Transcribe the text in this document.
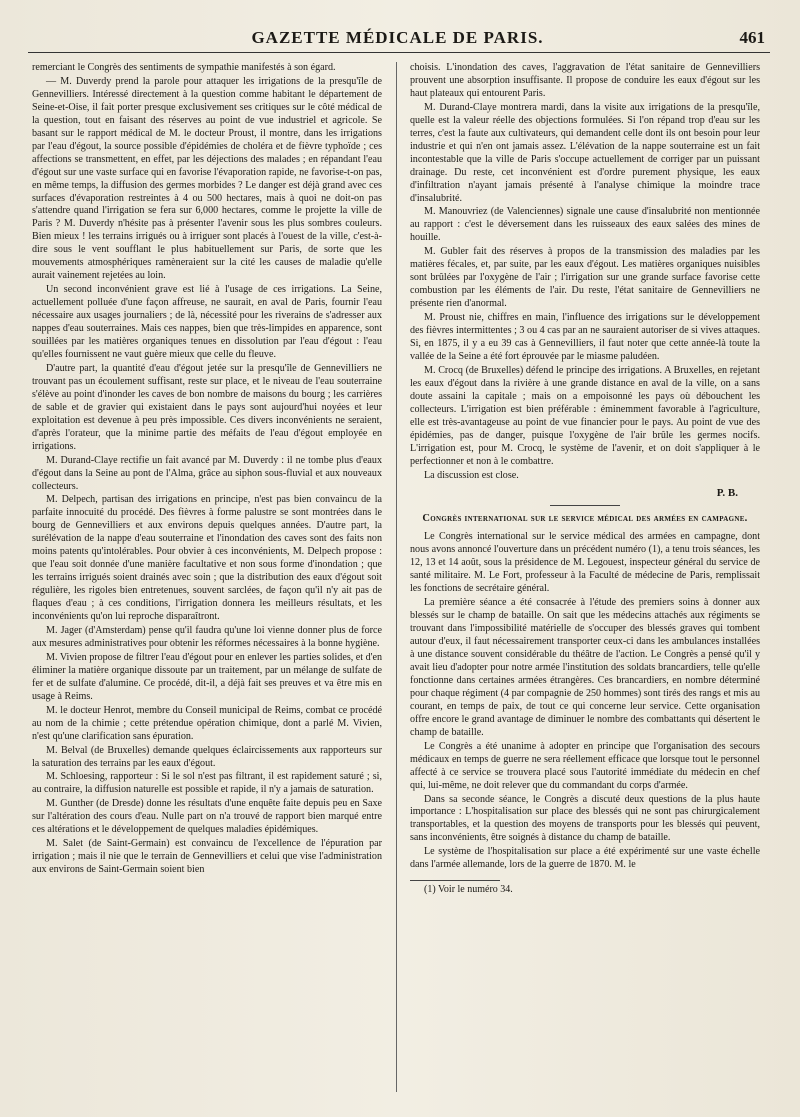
GAZETTE MÉDICALE DE PARIS.	461

remerciant le Congrès des sentiments de sympathie manifestés à son égard.

— M. Duverdy prend la parole pour attaquer les irrigations de la presqu'île de Gennevilliers. Intéressé directement à la question comme habitant le département de Seine-et-Oise, il fait porter presque exclusivement ses critiques sur le côté médical de la question, tout en faisant des réserves au point de vue industriel et agricole. Se basant sur le rapport médical de M. le docteur Proust, il montre, dans les irrigations par l'eau d'égout, la source possible d'épidémies de choléra et de fièvre typhoïde ; ces affections se transmettent, en effet, par les déjections des malades ; en répandant l'eau d'égout sur une vaste surface qui en favorise l'évaporation rapide, ne favorise-t-on pas, en même temps, la diffusion des germes morbides ? Le danger est déjà grand avec ces surfaces d'évaporation restreintes à 4 ou 500 hectares, mais à quoi ne doit-on pas s'attendre quand l'irrigation se fera sur 6,000 hectares, comme le projette la ville de Paris ? M. Duverdy n'hésite pas à présenter l'avenir sous les plus sombres couleurs. Bien mieux ! les terrains irrigués ou à irriguer sont placés à l'ouest de la ville, c'est-à-dire sous le vent soufflant le plus habituellement sur Paris, de sorte que les mouvements atmosphériques ramèneraient sur la cité les causes de maladie qu'elle aurait vainement rejetées au loin.

Un second inconvénient grave est lié à l'usage de ces irrigations. La Seine, actuellement polluée d'une façon affreuse, ne saurait, en aval de Paris, fournir l'eau nécessaire aux usages journaliers ; de là, nécessité pour les riverains de s'adresser aux nappes d'eau souterraines. Mais ces nappes, bien que très-limpides en apparence, sont souillées par les matières organiques tenues en dissolution par l'eau d'égout : l'eau qu'elles fournissent ne vaut guère mieux que celle du fleuve.

D'autre part, la quantité d'eau d'égout jetée sur la presqu'île de Gennevilliers ne trouvant pas un écoulement suffisant, reste sur place, et le niveau de l'eau souterraine s'élève au point d'inonder les caves de bon nombre de maisons du bourg ; les carrières de sable et de gravier qui existaient dans le pays sont aujourd'hui noyées et leur exploitation est devenue à peu près impossible. Ces divers inconvénients ne seraient, d'après l'orateur, que la minime partie des méfaits de l'eau d'égout employée en irrigations.

M. Durand-Claye rectifie un fait avancé par M. Duverdy : il ne tombe plus d'eaux d'égout dans la Seine au pont de l'Alma, grâce au siphon sous-fluvial et aux nouveaux collecteurs.

M. Delpech, partisan des irrigations en principe, n'est pas bien convaincu de la parfaite innocuité du procédé. Des fièvres à forme palustre se sont montrées dans le bourg de Gennevilliers et aux environs depuis quelques années. D'autre part, la surélévation de la nappe d'eau souterraine et l'inondation des caves sont des faits non moins patents qu'intolérables. Pour obvier à ces inconvénients, M. Delpech propose : que l'eau soit donnée d'une manière facultative et non sous forme d'inondation ; que les terrains irrigués soient drainés avec soin ; que la distribution des eaux d'égout soit régulière, les rigoles bien entretenues, souvent sarclées, de façon qu'il n'y ait pas de flaques d'eau ; à ces conditions, l'irrigation donnera les meilleurs résultats, et les inconvénients qu'on lui reproche disparaîtront.

M. Jager (d'Amsterdam) pense qu'il faudra qu'une loi vienne donner plus de force aux mesures administratives pour obtenir les réformes nécessaires à la bonne hygiène.

M. Vivien propose de filtrer l'eau d'égout pour en enlever les parties solides, et d'en éliminer la matière organique dissoute par un traitement, par un mélange de sulfate de fer et de sulfate d'alumine. Ce procédé, dit-il, a déjà fait ses preuves et va être mis en usage à Reims.

M. le docteur Henrot, membre du Conseil municipal de Reims, combat ce procédé au nom de la chimie ; cette prétendue opération chimique, dont a parlé M. Vivien, n'est qu'une clarification sans épuration.

M. Belval (de Bruxelles) demande quelques éclaircissements aux rapporteurs sur la saturation des terrains par les eaux d'égout.

M. Schloesing, rapporteur : Si le sol n'est pas filtrant, il est rapidement saturé ; si, au contraire, la diffusion naturelle est possible et rapide, il n'y a jamais de saturation.

M. Gunther (de Dresde) donne les résultats d'une enquête faite depuis peu en Saxe sur l'altération des cours d'eau. Nulle part on n'a trouvé de rapport bien marqué entre ces altérations et le développement de quelques maladies épidémiques.

M. Salet (de Saint-Germain) est convaincu de l'excellence de l'épuration par irrigation ; mais il nie que le terrain de Gennevilliers et celui que vise l'administration aux environs de Saint-Germain soient bien

choisis. L'inondation des caves, l'aggravation de l'état sanitaire de Gennevilliers prouvent une absorption insuffisante. Il propose de conduire les eaux d'égout sur les haut plateaux qui entourent Paris.

M. Durand-Claye montrera mardi, dans la visite aux irrigations de la presqu'île, quelle est la valeur réelle des objections formulées. Si l'on répand trop d'eau sur les terres, c'est la faute aux cultivateurs, qui demandent celle dont ils ont besoin pour leur industrie et qui n'en ont jamais assez. L'élévation de la nappe souterraine est un fait incontestable que la ville de Paris s'occupe actuellement de corriger par un puissant drainage. Du reste, cet inconvénient est d'ordre purement physique, les eaux d'infiltration n'ayant jamais présenté à l'analyse chimique la moindre trace d'insalubrité.

M. Manouvriez (de Valenciennes) signale une cause d'insalubrité non mentionnée au rapport : c'est le déversement dans les ruisseaux des eaux salées des mines de houille.

M. Gubler fait des réserves à propos de la transmission des maladies par les matières fécales, et, par suite, par les eaux d'égout. Les matières organiques nuisibles sont brûlées par l'oxygène de l'air ; l'irrigation sur une grande surface favorise cette combustion par les éléments de l'air. Du reste, l'état sanitaire de Gennevilliers ne présente rien d'anormal.

M. Proust nie, chiffres en main, l'influence des irrigations sur le développement des fièvres intermittentes ; 3 ou 4 cas par an ne sauraient autoriser de si vives attaques. Si, en 1875, il y a eu 39 cas à Gennevilliers, il faut noter que cette année-là toute la vallée de la Seine a été fort éprouvée par le miasme paludéen.

M. Crocq (de Bruxelles) défend le principe des irrigations. A Bruxelles, en rejetant les eaux d'égout dans la rivière à une grande distance en aval de la ville, on a sans doute assaini la capitale ; mais on a empoisonné les pays où débouchent les collecteurs. L'irrigation est bien préférable : éminemment favorable à l'agriculture, elle est très-avantageuse au point de vue financier pour le pays. Au point de vue des épidémies, pas de danger, puisque l'oxygène de l'air brûle les germes nocifs. L'irrigation est, pour M. Crocq, le système de l'avenir, et on doit s'appliquer à le perfectionner et non à le combattre.

La discussion est close.

P. B.
Congrès international sur le service médical des armées en campagne.

Le Congrès international sur le service médical des armées en campagne, dont nous avons annoncé l'ouverture dans un précédent numéro (1), a tenu trois séances, les 12, 13 et 14 août, sous la présidence de M. Legouest, inspecteur général du service de santé militaire. M. Le Fort, professeur à la Faculté de médecine de Paris, remplissait les fonctions de secrétaire général.

La première séance a été consacrée à l'étude des premiers soins à donner aux blessés sur le champ de bataille. On sait que les médecins attachés aux régiments se trouvant dans l'impossibilité matérielle de s'occuper des blessés graves qui tombent autour d'eux, il faut nécessairement transporter ceux-ci dans les ambulances installées à une distance souvent considérable du théâtre de l'action. Le Congrès a pensé qu'il y avait lieu d'adopter pour notre armée l'institution des soldats brancardiers, telle qu'elle fonctionne dans certaines armées étrangères. Ces brancardiers, en nombre déterminé pour chaque régiment (4 par compagnie de 250 hommes) sont tirés des rangs et mis au courant, en temps de paix, de tout ce qui concerne leur service. Cette organisation offre encore le grand avantage de diminuer le nombre des combattants qui désertent le champ de bataille.

Le Congrès a été unanime à adopter en principe que l'organisation des secours médicaux en temps de guerre ne sera réellement efficace que lorsque tout le personnel affecté à ce service se trouvera placé sous l'autorité immédiate du médecin en chef qui, lui-même, ne doit relever que du commandant du corps d'armée.

Dans sa seconde séance, le Congrès a discuté deux questions de la plus haute importance : L'hospitalisation sur place des blessés qui ne sont pas chirurgicalement transportables, et la question des moyens de transports pour les blessés qui peuvent, sans inconvénients, être soignés à distance du champ de bataille.

Le système de l'hospitalisation sur place a été expérimenté sur une vaste échelle dans l'armée allemande, lors de la guerre de 1870. M. le

(1) Voir le numéro 34.
